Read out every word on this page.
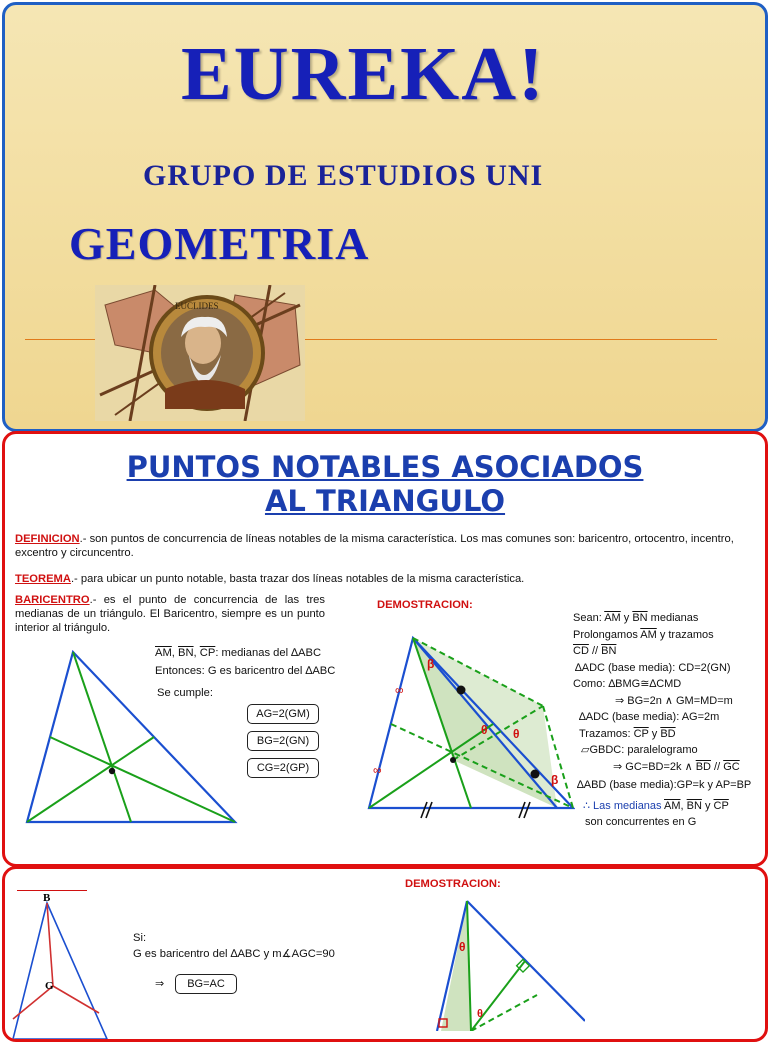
EUREKA!
GRUPO DE ESTUDIOS UNI
GEOMETRIA
EUCLIDES
PUNTOS NOTABLES ASOCIADOS
AL TRIANGULO
DEFINICION.- son puntos de concurrencia de líneas notables de la misma característica. Los mas comunes son: baricentro, ortocentro, incentro, excentro y circuncentro.
TEOREMA.- para ubicar un punto notable, basta trazar dos líneas notables de la misma característica.
BARICENTRO.- es el punto de concurrencia de las tres medianas de un triángulo. El Baricentro, siempre es un punto interior al triángulo.
DEMOSTRACION:
$\overline{AM}$, $\overline{BN}$, $\overline{CP}$: medianas del ∆ABC
Entonces: G es baricentro del ∆ABC
Se cumple:
AG=2(GM)
BG=2(GN)
CG=2(GP)
β
β
θ θ
∞
∞
Sean: $\overline{AM}$ y $\overline{BN}$ medianas
Prolongamos $\overline{AM}$ y trazamos
$\overline{CD} // \overline{BN}$
∆ADC (base media): CD=2(GN)
Como: ∆BMG≅∆CMD
⇒ BG=2n ∧ GM=MD=m
∆ADC (base media): AG=2m
Trazamos: $\overline{CP}$ y $\overline{BD}$
▱GBDC: paralelogramo
⇒ GC=BD=2k ∧ $\overline{BD} // \overline{GC}$
∆ABD (base media):GP=k y AP=BP
∴ Las medianas $\overline{AM}$, $\overline{BN}$ y $\overline{CP}$
son concurrentes en G
DEMOSTRACION:
B
G
Si:
G es baricentro del ∆ABC y m∡AGC=90
⇒	BG=AC
θ
θ
